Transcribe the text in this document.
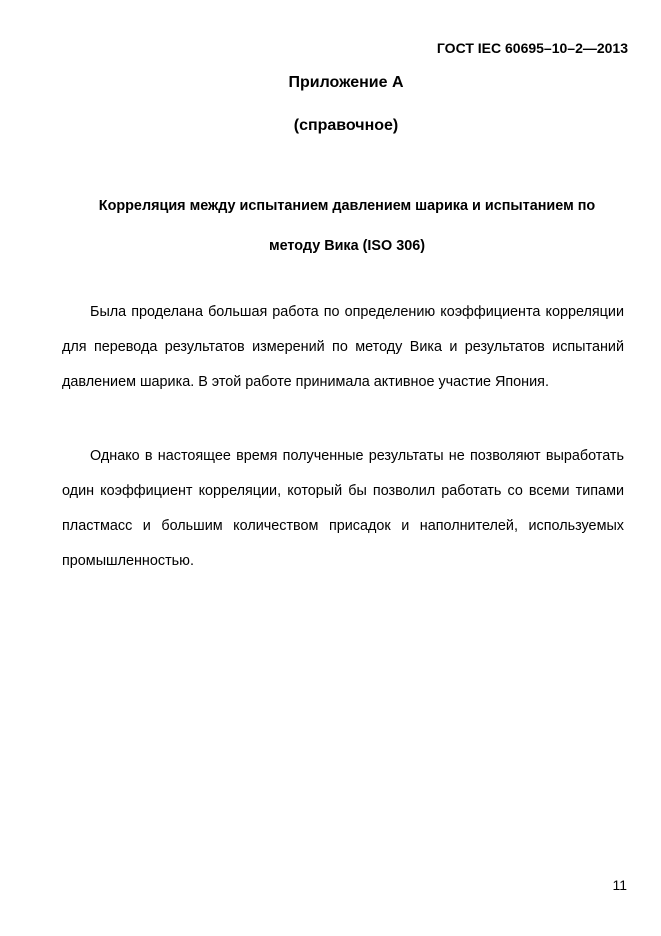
ГОСТ IEC 60695–10–2—2013
Приложение А
(справочное)
Корреляция между испытанием давлением шарика и испытанием по
методу Вика (ISO 306)

Была проделана большая работа по определению коэффициента корреляции для перевода результатов измерений по методу Вика и результатов испытаний давлением шарика. В этой работе принимала активное участие Япония.

Однако в настоящее время полученные результаты не позволяют выработать один коэффициент корреляции, который бы позволил работать со всеми типами пластмасс и большим количеством присадок и наполнителей, используемых промышленностью.

11
